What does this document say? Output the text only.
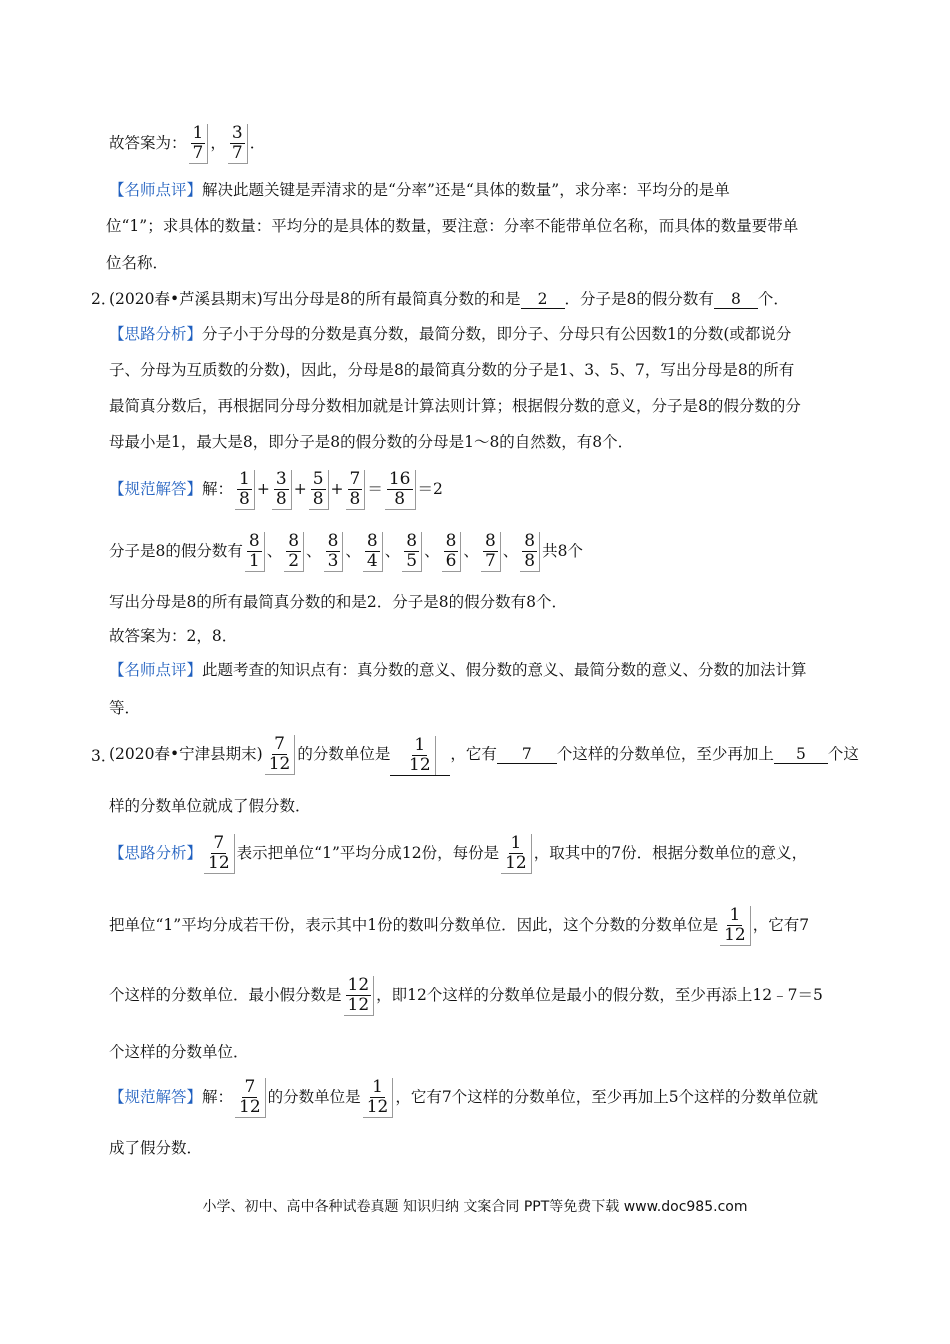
故答案为： $\frac{1}{7}$ ， $\frac{3}{7}$ ．
【名师点评】解决此题关键是弄清求的是“分率”还是“具体的数量”，求分率：平均分的是单
位“1”；求具体的数量：平均分的是具体的数量，要注意：分率不能带单位名称，而具体的数量要带单
位名称．
2．
(2020春•芦溪县期末)写出分母是8的所有最简真分数的和是 2 ．分子是8的假分数有 8 个．
【思路分析】分子小于分母的分数是真分数，最简分数，即分子、分母只有公因数1的分数(或都说分
子、分母为互质数的分数)，因此，分母是8的最简真分数的分子是1、3、5、7，写出分母是8的所有
最简真分数后，再根据同分母分数相加就是计算法则计算；根据假分数的意义，分子是8的假分数的分
母最小是1，最大是8，即分子是8的假分数的分母是1～8的自然数，有8个．
【规范解答】解： $\frac{1}{8} + \frac{3}{8} + \frac{5}{8} + \frac{7}{8} = \frac{16}{8} =2$
分子是8的假分数有 $\frac{8}{1}$ 、 $\frac{8}{2}$ 、 $\frac{8}{3}$ 、 $\frac{8}{4}$ 、 $\frac{8}{5}$ 、 $\frac{8}{6}$ 、 $\frac{8}{7}$ 、 $\frac{8}{8}$ 共8个
写出分母是8的所有最简真分数的和是2．分子是8的假分数有8个．
故答案为：2，8．
【名师点评】此题考查的知识点有：真分数的意义、假分数的意义、最简分数的意义、分数的加法计算
等．
3．
(2020春•宁津县期末) $\frac{7}{12}$ 的分数单位是 $\frac{1}{12}$ ，它有 7 个这样的分数单位，至少再加上 5 个这
样的分数单位就成了假分数．
【思路分析】 $\frac{7}{12}$ 表示把单位“1”平均分成12份，每份是 $\frac{1}{12}$ ，取其中的7份．根据分数单位的意义，
把单位“1”平均分成若干份，表示其中1份的数叫分数单位．因此，这个分数的分数单位是 $\frac{1}{12}$ ，它有7
个这样的分数单位．最小假分数是 $\frac{12}{12}$ ，即12个这样的分数单位是最小的假分数，至少再添上12﹣7＝5
个这样的分数单位．
【规范解答】解： $\frac{7}{12}$ 的分数单位是 $\frac{1}{12}$ ，它有7个这样的分数单位，至少再加上5个这样的分数单位就
成了假分数．
小学、初中、高中各种试卷真题 知识归纳 文案合同 PPT等免费下载 www.doc985.com
